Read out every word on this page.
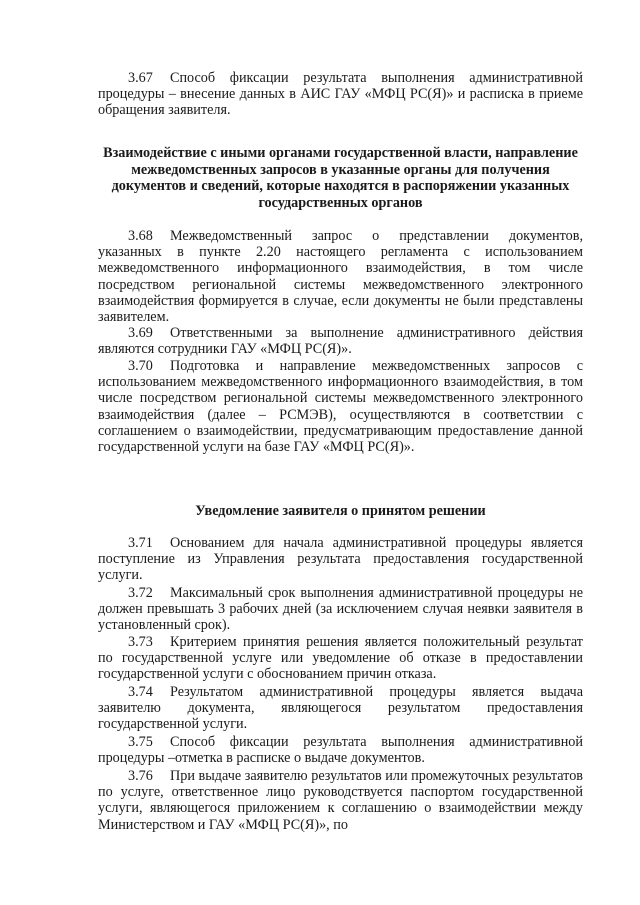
3.67 Способ фиксации результата выполнения административной процедуры – внесение данных в АИС ГАУ «МФЦ РС(Я)» и расписка в приеме обращения заявителя.

Взаимодействие с иными органами государственной власти, направление межведомственных запросов в указанные органы для получения документов и сведений, которые находятся в распоряжении указанных государственных органов

3.68 Межведомственный запрос о представлении документов, указанных в пункте 2.20 настоящего регламента с использованием межведомственного информационного взаимодействия, в том числе посредством региональной системы межведомственного электронного взаимодействия формируется в случае, если документы не были представлены заявителем.

3.69 Ответственными за выполнение административного действия являются сотрудники ГАУ «МФЦ РС(Я)».

3.70 Подготовка и направление межведомственных запросов с использованием межведомственного информационного взаимодействия, в том числе посредством региональной системы межведомственного электронного взаимодействия (далее – РСМЭВ), осуществляются в соответствии с соглашением о взаимодействии, предусматривающим предоставление данной государственной услуги на базе ГАУ «МФЦ РС(Я)».

Уведомление заявителя о принятом решении

3.71 Основанием для начала административной процедуры является поступление из Управления результата предоставления государственной услуги.

3.72 Максимальный срок выполнения административной процедуры не должен превышать 3 рабочих дней (за исключением случая неявки заявителя в установленный срок).

3.73 Критерием принятия решения является положительный результат по государственной услуге или уведомление об отказе в предоставлении государственной услуги с обоснованием причин отказа.

3.74 Результатом административной процедуры является выдача заявителю документа, являющегося результатом предоставления государственной услуги.

3.75 Способ фиксации результата выполнения административной процедуры –отметка в расписке о выдаче документов.

3.76 При выдаче заявителю результатов или промежуточных результатов по услуге, ответственное лицо руководствуется паспортом государственной услуги, являющегося приложением к соглашению о взаимодействии между Министерством и ГАУ «МФЦ РС(Я)», по
